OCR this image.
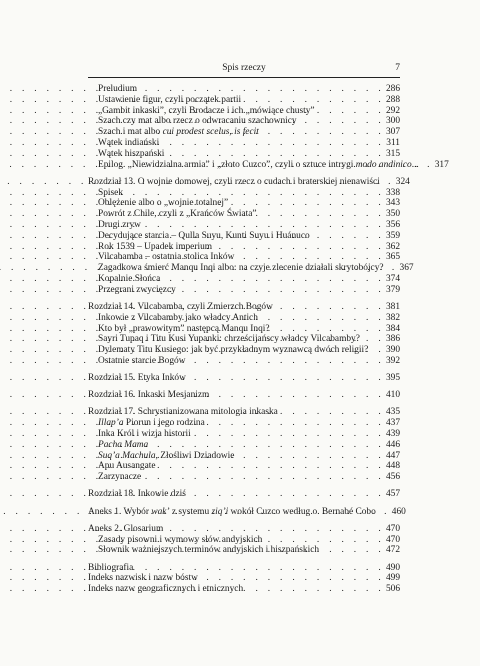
Spis rzeczy	7
Preludium . . .	286
Ustawienie figur, czyli początek partii . . .	288
„Gambit inkaski”, czyli Brodacze i ich „mówiące chusty” . . .	292
Szach czy mat albo rzecz o odwracaniu szachownicy . . .	300
Szach i mat albo cui prodest scelus, is fecit . . .	307
Wątek indiański . . .	311
Wątek hiszpański . . .	315
Epilog. „Niewidzialna armia” i „złoto Cuzco”, czyli o sztuce intrygi modo andinico... . . . 317
Rozdział 13. O wojnie domowej, czyli rzecz o cudach i braterskiej nienawiści . . . 324
Spisek . . .	338
Oblężenie albo o „wojnie totalnej” . . .	343
Powrót z Chile, czyli z „Krańców Świata” . . .	350
Drugi zryw . . .	356
Decydujące starcia – Qulla Suyu, Kunti Suyu i Huánuco . . .	359
Rok 1539 – Upadek imperium . . .	362
Vilcabamba – ostatnia stolica Inków . . .	365
Zagadkowa śmierć Manqu Inqi albo: na czyje zlecenie działali skrytobójcy? . . . 367
Kopalnie Słońca . . .	374
Przegrani zwycięzcy . . .	379
Rozdział 14. Vilcabamba, czyli Zmierzch Bogów . . .	381
Inkowie z Vilcabamby jako władcy Antich . . .	382
Kto był „prawowitym” następcą Manqu Inqi? . . .	384
Sayri Tupaq i Titu Kusi Yupanki: chrześcijańscy władcy Vilcabamby? . . .	386
Dylematy Titu Kusiego: jak być przykładnym wyznawcą dwóch religii? . . . 390
Ostatnie starcie Bogów . . .	392
Rozdział 15. Etyka Inków . . .	395
Rozdział 16. Inkaski Mesjanizm . . .	410
Rozdział 17. Schrystianizowana mitologia inkaska . . .	435
Illap’a Piorun i jego rodzina . . .	437
Inka Król i wizja historii . . .	439
Pacha Mama . . .	446
Suq’a Machula, Złośliwi Dziadowie . . .	447
Apu Ausangate . . .	448
Zarzynacze . . .	456
Rozdział 18. Inkowie dziś . . .	457
Aneks 1. Wybór wak’ z systemu ziq’i wokół Cuzco według o. Bernabé Cobo . . . 460
Aneks 2. Glosarium . . .	470
Zasady pisowni i wymowy słów andyjskich . . .	470
Słownik ważniejszych terminów andyjskich i hiszpańskich . . .	472
Bibliografia . . .	490
Indeks nazwisk i nazw bóstw . . .	499
Indeks nazw geograficznych i etnicznych . . .	506
